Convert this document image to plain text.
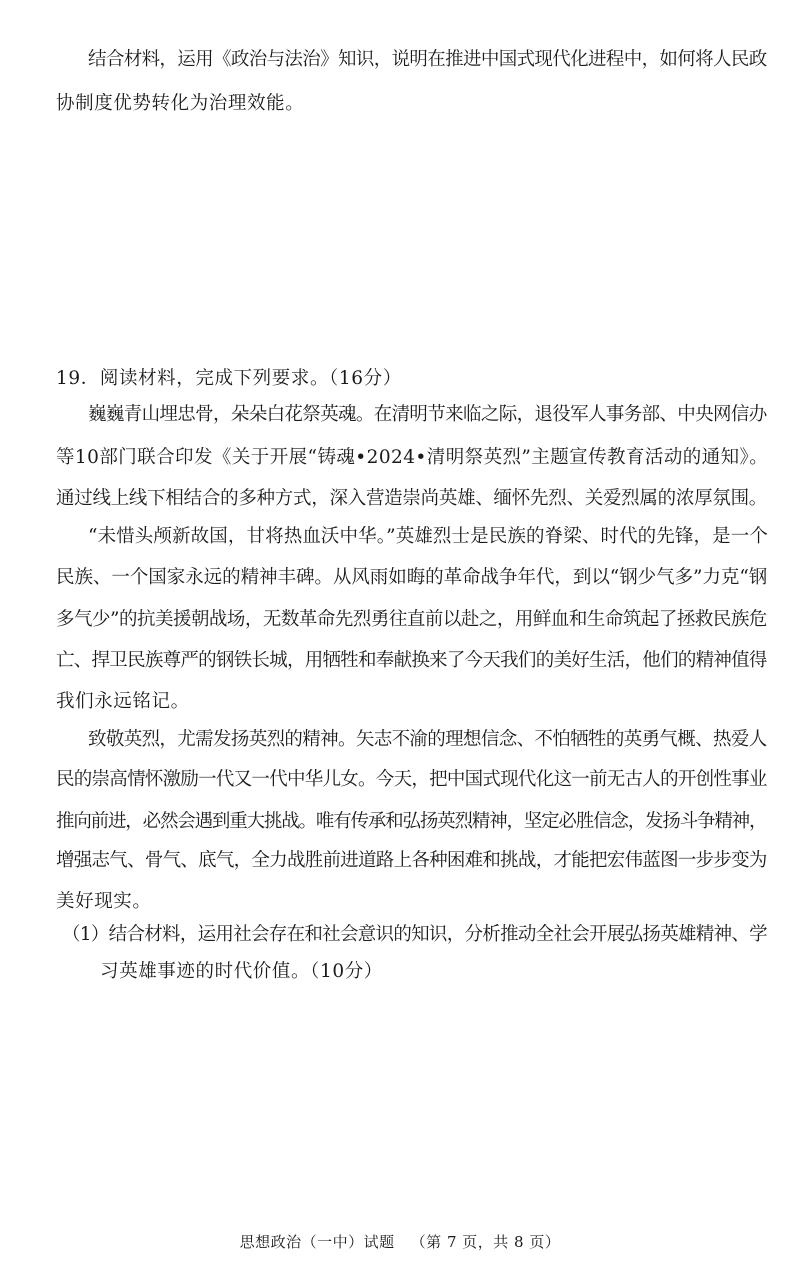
结合材料，运用《政治与法治》知识，说明在推进中国式现代化进程中，如何将人民政
协制度优势转化为治理效能。
19．阅读材料，完成下列要求。（16分）
巍巍青山埋忠骨，朵朵白花祭英魂。在清明节来临之际，退役军人事务部、中央网信办
等10部门联合印发《关于开展“铸魂•2024•清明祭英烈”主题宣传教育活动的通知》。
通过线上线下相结合的多种方式，深入营造崇尚英雄、缅怀先烈、关爱烈属的浓厚氛围。
“未惜头颅新故国，甘将热血沃中华。”英雄烈士是民族的脊梁、时代的先锋，是一个
民族、一个国家永远的精神丰碑。从风雨如晦的革命战争年代，到以“钢少气多”力克“钢
多气少”的抗美援朝战场，无数革命先烈勇往直前以赴之，用鲜血和生命筑起了拯救民族危
亡、捍卫民族尊严的钢铁长城，用牺牲和奉献换来了今天我们的美好生活，他们的精神值得
我们永远铭记。
致敬英烈，尤需发扬英烈的精神。矢志不渝的理想信念、不怕牺牲的英勇气概、热爱人
民的崇高情怀激励一代又一代中华儿女。今天，把中国式现代化这一前无古人的开创性事业
推向前进，必然会遇到重大挑战。唯有传承和弘扬英烈精神，坚定必胜信念，发扬斗争精神，
增强志气、骨气、底气，全力战胜前进道路上各种困难和挑战，才能把宏伟蓝图一步步变为
美好现实。
（1）结合材料，运用社会存在和社会意识的知识，分析推动全社会开展弘扬英雄精神、学
习英雄事迹的时代价值。（10分）
思想政治（一中）试题 （第 7 页，共 8 页）
